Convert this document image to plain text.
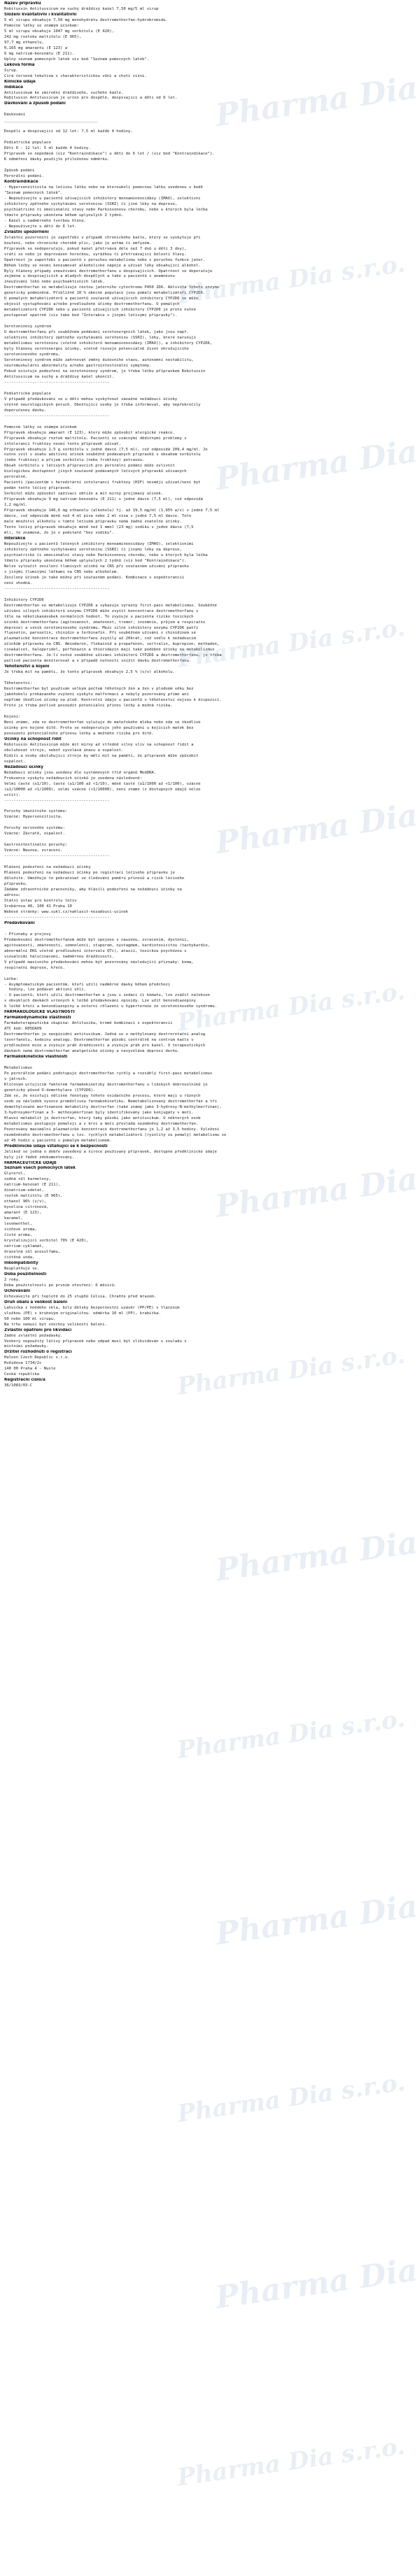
Název přípravku
Robitussin Antitussicum na suchý dráždivý kašel 7,50 mg/5 ml sirup
Složení kvalitativní i kvalitativní
5 ml sirupu obsahuje 7,50 mg monohydrátu dextromethorfan-hydrobromidu.
Pomocné látky se známým účinkem:
5 ml sirupu obsahuje 1047 mg sorbitolu (E 420),
242 mg roztoku maltitolu (E 965),
97,7 mg ethanolu,
0,165 mg amarantu (E 123) a
6 mg natrium-benzoátu (E 211).
Úplný seznam pomocných látek viz bod "Seznam pomocných látek".
Léková forma
Sirup.
Čirá červená tekutina s charakteristickou vůní a chutí višní.
Klinické údaje
Indikace
Antitussikum ke zmírnění dráždivého, suchého kašle.
Robitussin Antitussicum je určen pro dospělé, dospívající a děti od 6 let.
Dávkování a způsob podání
Dávkování
________________________________________
Dospělí a dospívající od 12 let: 7,5 ml každé 4 hodiny.
Pediatrická populace
Děti 6 - 12 let: 5 ml každé 4 hodiny.
Přípravek se nepodává (viz "Kontraindikace") u dětí do 6 let / (viz bod "Kontraindikace").
K odměření dávky použijte přiloženou odměrku.
Způsob podání
Perorální podání.
Kontraindikace
- Hypersenzitivita na léčivou látku nebo na kteroukoli pomocnou látku uvedenou v bodě
"Seznam pomocných látek".
- Nepoužívejte u pacientů užívajících inhibitory monoaminooxidázy (IMAO), selektivní
inhibitory zpětného vychytávání serotoninu (SSRI) či jiné léky na deprese,
psychiatrické či emocionální stavy nebo Parkinsonovu chorobu, nebo u kterých byla léčba
těmito přípravky ukončena během uplynulých 2 týdnů.
- Kašel u nadměrného tvorbou hlenu.
- Nepoužívejte u dětí do 6 let.
Zvláštní upozornění
Zvláštní pozornosti je zapotřebí v případě chronického kašle, který se vyskytuje při
kouření, nebo chronické chorobě plic, jako je astma či emfyzém.
Přípravek se nedoporučuje, pokud kašel přetrvává déle než 7 dnů u dětí 3 dny),
vrátí se nebo je doprovázen horečkou, vyrážkou či přetrvávající bolestí hlavy.
Opatrnost je zapotřebí u pacientů s poruchou metabolismu nebo s poruchou funkce jater.
Během léčby se nesmí konzumovat alkoholické nápoje a užívat léky obsahující alkohol.
Byly hlášeny případy zneužívání dextromethorfanu u dospívajících. Opatrnost se doporučuje
zejména u dospívajících a mladých dospělých a také u pacientů s anamnézou
zneužívání léků nebo psychoaktivních látek.
Dextromethorfan se metabolizuje cestou jaterního cytochromu P450 2D6. Aktivita tohoto enzymu
geneticky podmíněná. Přibližně 10 % obecné populace jsou pomalí metabolizátoři CYP2D6.
U pomalých metabolizátorů a pacientů současně užívajících inhibitory CYP2D6 se může
objevit vystupňování a/nebo prodloužené účinky dextromethorfanu. U pomalých
metabolizátorů CYP2D6 nebo u pacientů užívajících inhibitory CYP2D6 je proto nutné
postupovat opatrně (viz také bod "Interakce s jinými léčivými přípravky").
Serotoninový syndrom
U dextromethorfanu při souběžném podávání serotonergních látek, jako jsou např.
selektivní inhibitory zpětného vychytávání serotoninu (SSRI), léky, které narušují
metabolismus serotoninu (včetně inhibitorů monoaminooxidázy (IMAO)), a inhibitory CYP2D6,
byly hlášeny serotonergní účinky, včetně rozvoje potenciálně život ohrožujícího
serotoninového syndromu.
Serotoninový syndrom může zahrnovat změny duševního stavu, autonomní nestabilitu,
neuromuskulární abnormality a/nebo gastrointestinální symptomy.
Pokud existuje podezření na serotoninový syndrom, je třeba léčbu přípravkem Robitussin
Antitussicum na suchý a dráždivý kašel ukončit.
---------------------------------------------
Pediatrická populace
V případě předávkování se u dětí mohou vyskytnout závažné nežádoucí účinky
včetně neurologických poruch. Obeštujíci osoby je třeba informovat, aby nepřekročily
doporučenou dávku.
---------------------------------------------
Pomocné látky se známým účinkem
Přípravek obsahuje amarant (E 123), který může způsobit alergické reakce.
Přípravek obsahuje roztok maltitolu. Pacienti se vzácnými dědičnými problémy s
intolerancí fruktózy nesmí tento přípravek užívat.
Přípravek obsahuje 1,5 g sorbitolu v jedné dávce (7,5 ml), což odpovídá 209,4 mg/ml. Je
nutno vzít v úvahu aditivní účinek souběžně podávaných přípravků s obsahem sorbitolu
(nebo fruktózy) a příjem sorbitolu (nebo fruktózy) potravou.
Obsah sorbitolu v léčivých přípravcích pro perorální podání může ovlivnit
biologickou dostupnost jiných současně podávaných léčivých přípravků užívaných
perorálně.
Pacienti /pacientům s hereditární intolerancí fruktózy (HIF) nesmějí užívat/není být
podán tento léčivý přípravek.
Sorbitol může způsobit zažívací obtíže a mít mírný projímavý účinek.
Přípravek obsahuje 9 mg natrium-benzoátu (E 211) v jedné dávce (7,5 ml), což odpovídá
1,2 mg/ml.
Přípravek obsahuje 146,6 mg ethanolu (alkoholu) tj. až 19,5 mg/ml (1,95% w/v) v jedné 7,5 ml
dávce, což odpovídá méně než 4 ml piva nebo 2 ml vína v jedné 7,5 ml dávce. Toto
malé množství alkoholu v tomto léčivém přípravku nemá žádné znatelné účinky.
Tento léčivý přípravek obsahuje méně než 1 mmol (23 mg) sodíku v jedné dávce (7,5
ml), to znamená, že je v podstatě "bez sodíku".
Interakce
Nepoužívejte u pacientů léčených inhibitory monoaminooxidázy (IMAO), selektivními
inhibitory zpětného vychytávání serotoninu (SSRI) či jinými léky na deprese,
psychiatrické či emocionální stavy nebo Parkinsonovu chorobu, nebo u kterých byla léčba
těmito přípravky ukončena během uplynulých 2 týdnů (viz bod "Kontraindikace").
Nelze vyloučit zesílení tlumivých účinků na CNS při současném užívání přípravku
s jinými tlumivými látkami na CNS nebo alkoholem.
Zesílený účinek je také možný při současném podání. Kombinace s expektorancii
není vhodná.
---------------------------------------------
Inhibitory CYP2D6
Dextromethorfan se metabolizuje CYP2D6 a vykazuje výrazný first-pass metabolismus. Souběžné
užívání silných inhibitorů enzymu CYP2D6 může zvýšit koncentrace dextromethorfanu v
těle na několikanásobek normálních hodnot. To zvyšuje u pacienta riziko toxických
účinků dextromethorfanu (agitovanost, zmatenost, tremor, insomnie, průjem a respirační
deprese) a vznik serotoninového syndromu. Mezi silné inhibitory enzymu CYP2D6 patří
fluoxetin, paroxetin, chinidin a terbinafin. Při souběžném užívání s chinidinem se
plazmatické koncentrace dextromethorfanu zvýšily až 20krát, což vedlo k nežádoucím
účinkům přípravku na CNS. Amiodaron, flekainid a propafenon, sertralin, bupropion, methadon,
cinakalcet, haloperidol, perfenazin a thioridazin mají také podobné účinky na metabolismus
dextromethorfanu. Je-li nutné souběžné užívání inhibitorů CYP2D6 a dextromethorfanu, je třeba
pečlivě pacienta monitorovat a v případě nutnosti snížit dávku dextromethorfanu.
Těhotenství a kojení
Je třeba mít na paměti, že tento přípravek obsahuje 2,5 % (v/v) alkoholu.
Těhotenství:
Dextromethorfan byl používán velkým počtem těhotných žen a žen v plodném věku bez
jakéhokoli prokázaného zvýšení výskytu malformací a nebyly pozorovány přímé ani
nepřímé škodlivé účinky na plod. Kontrolní údaje u pacientů v těhotenství nejsou k dispozici.
Proto je třeba pečlivě posoudit potenciální přínos léčby a možná rizika.
Kojení:
Není známo, zda se dextromethorfan vylučuje do mateřského mléka nebo zda se škodlivé
účinky pro kojené dítě. Proto se nedoporučuje jeho používání u kojících matek bez
posouzení potenciálního přínosu léčby a možného rizika pro dítě.
Účinky na schopnost řídit
Robitussin Antitussicum může mít mírný až středně silný vliv na schopnost řídit a
obsluhovat stroje, neboť vyvolává únavu a ospalost.
Řidiči a osoby obsluhující stroje by měli mít na paměti, že přípravek může způsobit
ospalost.
Nežádoucí účinky
Nežádoucí účinky jsou uvedeny dle systémových tříd orgánů MedDRA.
Frekvence výskytu nežádoucích účinků je uvedena následovně:
Velmi časté (≥1/10), časté (≥1/100 až <1/10), méně časté (≥1/1000 až <1/100), vzácné
(≥1/10000 až <1/1000), velmi vzácné (<1/10000), není známo (z dostupných údajů nelze
určit).
---------------------------------------------
Poruchy imunitního systému:
Vzácné: Hypersenzitivita.
Poruchy nervového systému:
Vzácné: Závratě, ospalost.
Gastrointestinální poruchy:
Vzácné: Nauzea, zvracení.
---------------------------------------------
Hlášení podezření na nežádoucí účinky
Hlášení podezření na nežádoucí účinky po registraci léčivého přípravku je
důležité. Umožňuje to pokračovat ve sledování poměru přínosů a rizik léčivého
přípravku.
Žádáme zdravotnické pracovníky, aby hlásili podezření na nežádoucí účinky na
adresu:
Státní ústav pro kontrolu léčiv
Šrobárova 48, 100 41 Praha 10
Webové stránky: www.sukl.cz/nahlasit-nezadouci-ucinek
---------------------------------------------
Předávkování
- Příznaky a projevy
Předávkování dextromethorfanem může být spojeno s nauzeou, zvracením, dystonií,
agitovaností, zmateností, somnolencí, stuporem, nystagmem, kardiotoxicitou (tachykardie,
abnormální EKG včetně prodloužení intervalu QTc), ataxií, toxickou psychózou s
vizuálními halucinacemi, nadměrnou dráždivostí.
V případě masivního předávkování mohou být pozorovány následující příznaky: koma,
respirační deprese, křeče.
Léčba:
- Asymptomatickým pacientům, kteří užili nadměrné dávky během předchozí
hodiny, lze podávat aktivní uhlí.
- U pacientů, kteří užili dextromethorfan a jsou v sedaci či kómatu, lze zvážit nalokson
v obvyklých dávkách určených k léčbě předávkování opioidy. Lze užít benzodiazepiny
k léčbě křečí a benzodiazepiny a externí chlazení u hypertermie ze serotoninového syndromu.
FARMAKOLOGICKÉ VLASTNOSTI
Farmakodynamické vlastnosti
Farmakoterapeutická skupina: Antitusika, kromě kombinací s expektorancii
ATC kód: R05DA09
Dextromethorfan je neopioidní antitusikum. Jedná se o methylovaný dextrorotační analog
levorfanolu, kodeinu analogu. Dextromethorfan působí centrálně na centrum kašle v
prodloužené míše a zvyšuje práh dráždivosti a zvyšuje práh pro kašel. V terapeutických
dávkách nemá dextromethorfan analgetické účinky a nevyvolává depresi dechu.
Farmakokinetické vlastnosti
Metabolismus
Po perorálním podání podstupuje dextromethorfan rychlý a rozsáhlý first-pass metabolismus
v játrech.
Klíčovým určujícím faktorem farmakokinetiky dextromethorfanu u lidských dobrovolníků je
genetický původ O-demethylace (CYP2D6).
Zdá se, že existují odlišné fenotypy tohoto oxidačního procesu, které mají u různých
osob za následek vysoce proměnlivou farmakokinetiku. Nemetabolizovaný dextromethorfan a tři
demethylované morfinanové metabolity dextrorfan (také známý jako 3-hydroxy-N-methylmorfinan),
3-hydroxymorfinan a 3- methoxymorfinan byly identifikovány jako konjugáty v moči.
Hlavní metabolit je dextrorfan, který taky působí jako antitusikum. U některých osob
metabolismus postupuje pomaleji a v krvi a moči převládá nezměněný dextromethorfan.
Pozorovány maximální plazmatické koncentrace dextromethorfanu je 1,2 až 3,5 hodiny. Vyložení
nezměněného dextromethorfanu u tzv. rychlých metabolizátorů (ryzolitý zu pomalý) metabolismu se
až 45 hodin u pacientů s pomalým metabolismem.
Předklinické údaje vztahující se k bezpečnosti
Jelikož se jedná o dobře zavedený a široce používaný přípravek, dostupné předklinické údaje
byly již řádně zdokumentovány.
FARMACEUTICKÉ ÚDAJE
Seznam všech pomocných látek
Glycerol,
sodná sůl karmelosy,
natrium-benzoát (E 211),
dinatrium-edetát,
roztok maltitolu (E 965),
ethanol 96% (v/v),
kyselina citronová,
amarant (E 123),
karamel,
levomenthol,
višňové aroma,
čisté aroma,
krystalizující sorbitol 70% (E 420),
natrium-cyklamát,
draselná sůl acesulfamu,
čištěná voda.
Inkompatibility
Neuplatňuje se.
Doba použitelnosti
2 roky.
Doba použitelnosti po prvním otevření: 6 měsíců.
Uchovávání
Uchovávejte při teplotě do 25 stupňů Celsia. Chraňte před mrazem.
Druh obalu a velikost balení
Lahvička z hnědého skla, bílý dětský bezpečnostní uzávěr (PP/PE) s tlačením
vložkou (PE) s kruhovým originalitou. odměrka 10 ml (PP), krabička.
50 nebo 100 ml sirupu.
Na trhu nemusí být všechny velikosti balení.
Zvláštní opatření pro likvidaci
Žádné zvláštní požadavky.
Veškerý nepoužitý léčivý přípravek nebo odpad musí být zlikvidován v souladu s
místními požadavky.
Držitel rozhodnutí o registraci
Haleon Czech Republic s.r.o.
Hvězdova 1734/2c
140 00 Praha 4 - Nusle
Česká republika
Registrační číslo/a
36/1083/03-C
Pharma Dia
Pharma Dia s.r.o.
Pharma Dia
Pharma Dia s.r.o.
Pharma Dia
Pharma Dia s.r.o.
Pharma Dia
Pharma Dia s.r.o.
Pharma Dia
Pharma Dia s.r.o.
Pharma Dia
Pharma Dia s.r.o.
Pharma Dia
Pharma Dia s.r.o.
